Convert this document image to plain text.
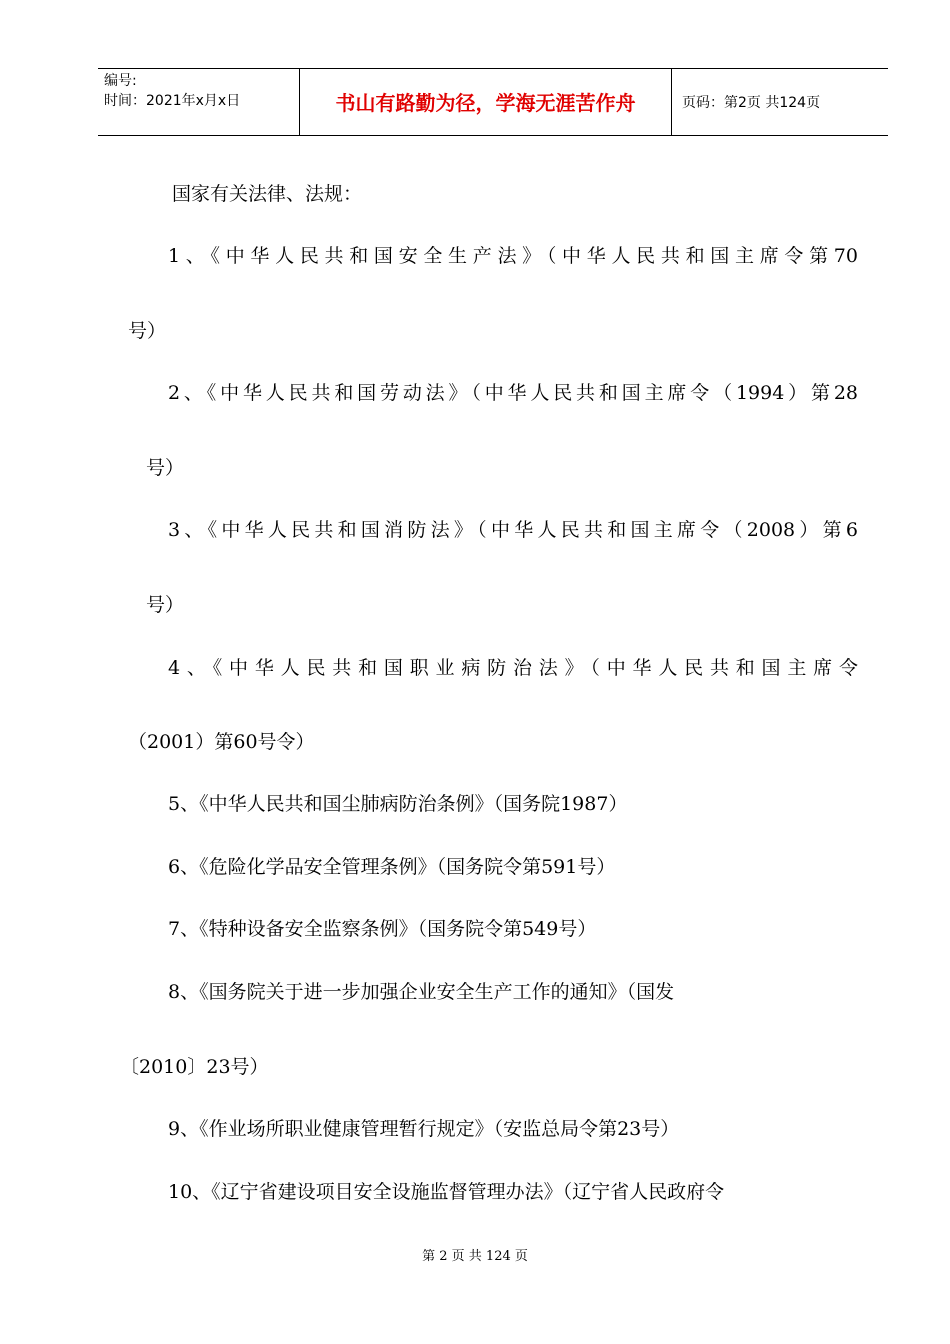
编号:
时间：2021年x月x日	书山有路勤为径，学海无涯苦作舟	页码：第2页 共124页
国家有关法律、法规：
1、《中华人民共和国安全生产法》（中华人民共和国主席令第70
号）
2、《中华人民共和国劳动法》（中华人民共和国主席令（1994）第28
号）
3、《中华人民共和国消防法》（中华人民共和国主席令（2008）第6
号）
4、《中华人民共和国职业病防治法》（中华人民共和国主席令
（2001）第60号令）
5、《中华人民共和国尘肺病防治条例》（国务院1987）
6、《危险化学品安全管理条例》（国务院令第591号）
7、《特种设备安全监察条例》（国务院令第549号）
8、《国务院关于进一步加强企业安全生产工作的通知》（国发
〔2010〕23号）
9、《作业场所职业健康管理暂行规定》（安监总局令第23号）
10、《辽宁省建设项目安全设施监督管理办法》（辽宁省人民政府令
第 2 页 共 124 页
